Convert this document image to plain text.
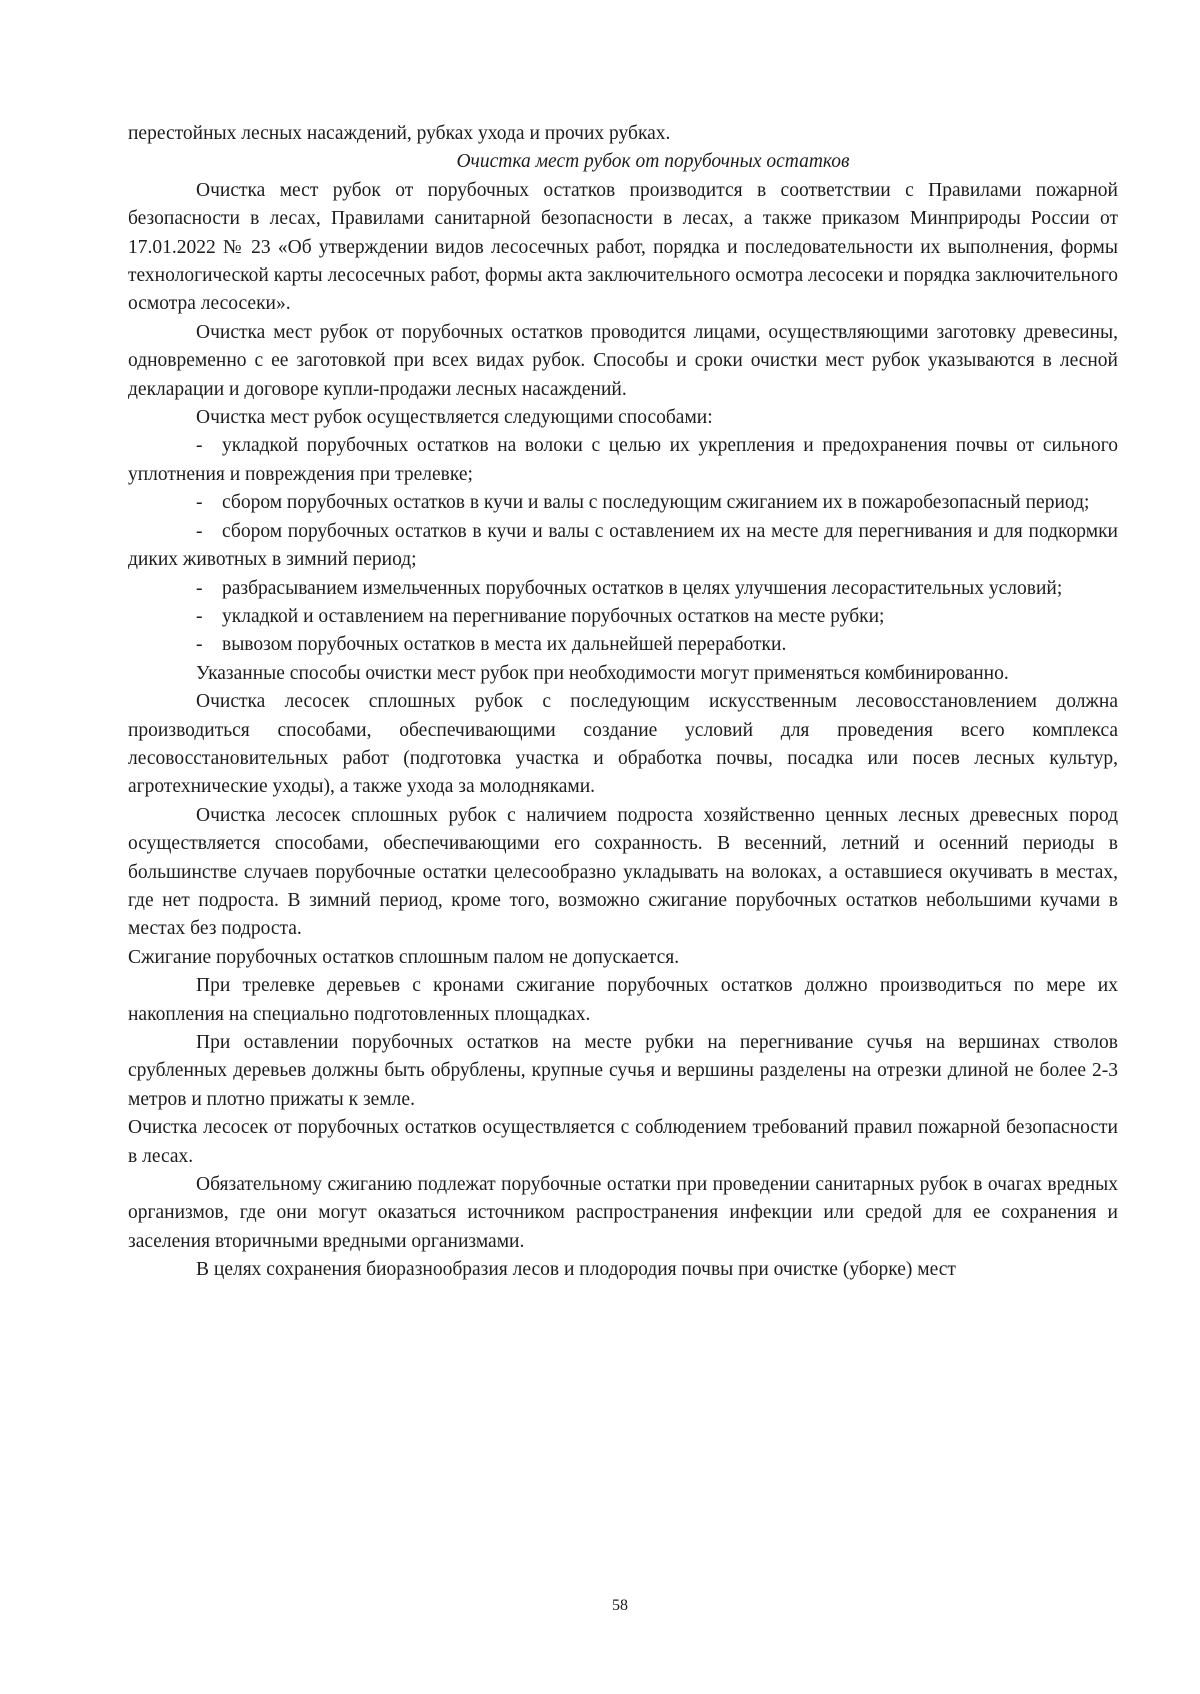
перестойных лесных насаждений, рубках ухода и прочих рубках.

Очистка мест рубок от порубочных остатков

Очистка мест рубок от порубочных остатков производится в соответствии с Правилами пожарной безопасности в лесах, Правилами санитарной безопасности в лесах, а также приказом Минприроды России от 17.01.2022 № 23 «Об утверждении видов лесосечных работ, порядка и последовательности их выполнения, формы технологической карты лесосечных работ, формы акта заключительного осмотра лесосеки и порядка заключительного осмотра лесосеки».

Очистка мест рубок от порубочных остатков проводится лицами, осуществляющими заготовку древесины, одновременно с ее заготовкой при всех видах рубок. Способы и сроки очистки мест рубок указываются в лесной декларации и договоре купли-продажи лесных насаждений.

Очистка мест рубок осуществляется следующими способами:

- укладкой порубочных остатков на волоки с целью их укрепления и предохранения почвы от сильного уплотнения и повреждения при трелевке;

- сбором порубочных остатков в кучи и валы с последующим сжиганием их в пожаробезопасный период;

- сбором порубочных остатков в кучи и валы с оставлением их на месте для перегнивания и для подкормки диких животных в зимний период;

- разбрасыванием измельченных порубочных остатков в целях улучшения лесорастительных условий;

- укладкой и оставлением на перегнивание порубочных остатков на месте рубки;

- вывозом порубочных остатков в места их дальнейшей переработки.

Указанные способы очистки мест рубок при необходимости могут применяться комбинированно.

Очистка лесосек сплошных рубок с последующим искусственным лесовосстановлением должна производиться способами, обеспечивающими создание условий для проведения всего комплекса лесовосстановительных работ (подготовка участка и обработка почвы, посадка или посев лесных культур, агротехнические уходы), а также ухода за молодняками.

Очистка лесосек сплошных рубок с наличием подроста хозяйственно ценных лесных древесных пород осуществляется способами, обеспечивающими его сохранность. В весенний, летний и осенний периоды в большинстве случаев порубочные остатки целесообразно укладывать на волоках, а оставшиеся окучивать в местах, где нет подроста. В зимний период, кроме того, возможно сжигание порубочных остатков небольшими кучами в местах без подроста.

Сжигание порубочных остатков сплошным палом не допускается.

При трелевке деревьев с кронами сжигание порубочных остатков должно производиться по мере их накопления на специально подготовленных площадках.

При оставлении порубочных остатков на месте рубки на перегнивание сучья на вершинах стволов срубленных деревьев должны быть обрублены, крупные сучья и вершины разделены на отрезки длиной не более 2-3 метров и плотно прижаты к земле.

Очистка лесосек от порубочных остатков осуществляется с соблюдением требований правил пожарной безопасности в лесах.

Обязательному сжиганию подлежат порубочные остатки при проведении санитарных рубок в очагах вредных организмов, где они могут оказаться источником распространения инфекции или средой для ее сохранения и заселения вторичными вредными организмами.

В целях сохранения биоразнообразия лесов и плодородия почвы при очистке (уборке) мест

58
